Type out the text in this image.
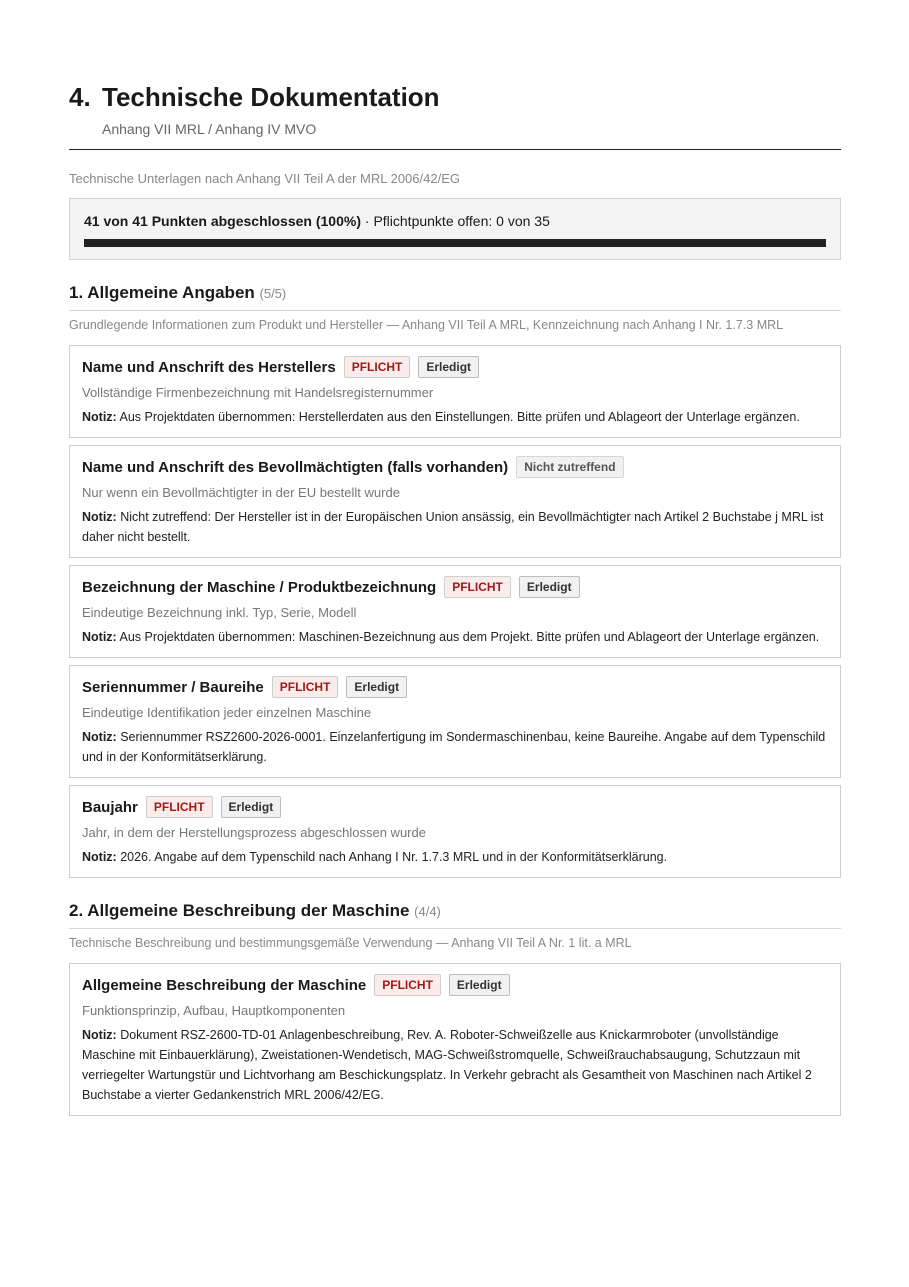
4. Technische Dokumentation
Anhang VII MRL / Anhang IV MVO
Technische Unterlagen nach Anhang VII Teil A der MRL 2006/42/EG
41 von 41 Punkten abgeschlossen (100%) · Pflichtpunkte offen: 0 von 35
1. Allgemeine Angaben (5/5)
Grundlegende Informationen zum Produkt und Hersteller — Anhang VII Teil A MRL, Kennzeichnung nach Anhang I Nr. 1.7.3 MRL
Name und Anschrift des Herstellers	PFLICHT	Erledigt
Vollständige Firmenbezeichnung mit Handelsregisternummer
Notiz: Aus Projektdaten übernommen: Herstellerdaten aus den Einstellungen. Bitte prüfen und Ablageort der Unterlage ergänzen.
Name und Anschrift des Bevollmächtigten (falls vorhanden)	Nicht zutreffend
Nur wenn ein Bevollmächtigter in der EU bestellt wurde
Notiz: Nicht zutreffend: Der Hersteller ist in der Europäischen Union ansässig, ein Bevollmächtigter nach Artikel 2 Buchstabe j MRL ist daher nicht bestellt.
Bezeichnung der Maschine / Produktbezeichnung	PFLICHT	Erledigt
Eindeutige Bezeichnung inkl. Typ, Serie, Modell
Notiz: Aus Projektdaten übernommen: Maschinen-Bezeichnung aus dem Projekt. Bitte prüfen und Ablageort der Unterlage ergänzen.
Seriennummer / Baureihe	PFLICHT	Erledigt
Eindeutige Identifikation jeder einzelnen Maschine
Notiz: Seriennummer RSZ2600-2026-0001. Einzelanfertigung im Sondermaschinenbau, keine Baureihe. Angabe auf dem Typenschild und in der Konformitätserklärung.
Baujahr	PFLICHT	Erledigt
Jahr, in dem der Herstellungsprozess abgeschlossen wurde
Notiz: 2026. Angabe auf dem Typenschild nach Anhang I Nr. 1.7.3 MRL und in der Konformitätserklärung.
2. Allgemeine Beschreibung der Maschine (4/4)
Technische Beschreibung und bestimmungsgemäße Verwendung — Anhang VII Teil A Nr. 1 lit. a MRL
Allgemeine Beschreibung der Maschine	PFLICHT	Erledigt
Funktionsprinzip, Aufbau, Hauptkomponenten
Notiz: Dokument RSZ-2600-TD-01 Anlagenbeschreibung, Rev. A. Roboter-Schweißzelle aus Knickarmroboter (unvollständige Maschine mit Einbauerklärung), Zweistationen-Wendetisch, MAG-Schweißstromquelle, Schweißrauchabsaugung, Schutzzaun mit verriegelter Wartungstür und Lichtvorhang am Beschickungsplatz. In Verkehr gebracht als Gesamtheit von Maschinen nach Artikel 2 Buchstabe a vierter Gedankenstrich MRL 2006/42/EG.
